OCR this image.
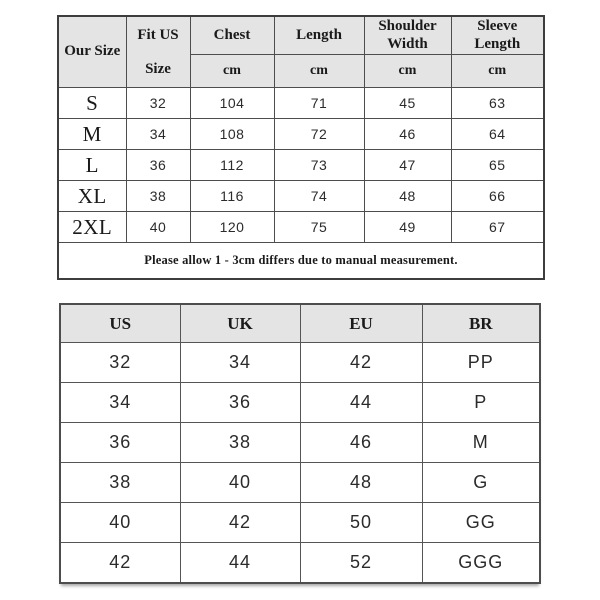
Our Size	Fit US Size	Chest	Length	Shoulder Width	Sleeve Length
		cm	cm	cm	cm
S	32	104	71	45	63
M	34	108	72	46	64
L	36	112	73	47	65
XL	38	116	74	48	66
2XL	40	120	75	49	67
Please allow 1 - 3cm differs due to manual measurement.					
US	UK	EU	BR
32	34	42	PP
34	36	44	P
36	38	46	M
38	40	48	G
40	42	50	GG
42	44	52	GGG
